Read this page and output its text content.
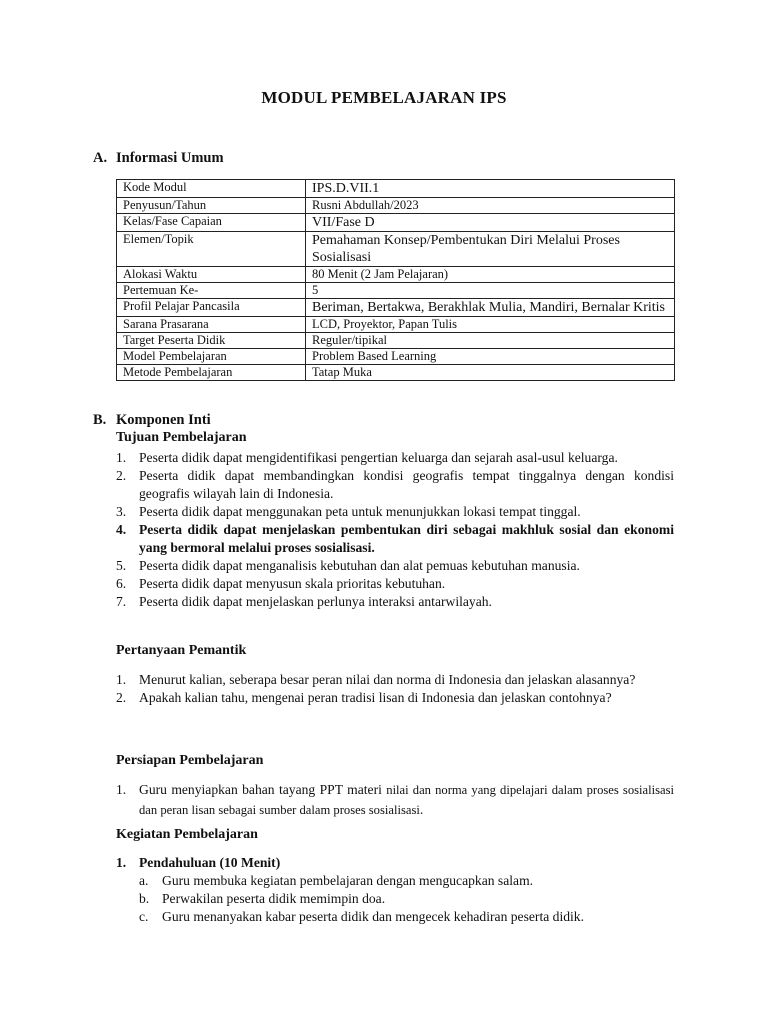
MODUL PEMBELAJARAN IPS
A. Informasi Umum
Kode Modul	IPS.D.VII.1
Penyusun/Tahun	Rusni Abdullah/2023
Kelas/Fase Capaian	VII/Fase D
Elemen/Topik	Pemahaman Konsep/Pembentukan Diri Melalui Proses Sosialisasi
Alokasi Waktu	80 Menit (2 Jam Pelajaran)
Pertemuan Ke-	5
Profil Pelajar Pancasila	Beriman, Bertakwa, Berakhlak Mulia, Mandiri, Bernalar Kritis
Sarana Prasarana	LCD, Proyektor, Papan Tulis
Target Peserta Didik	Reguler/tipikal
Model Pembelajaran	Problem Based Learning
Metode Pembelajaran	Tatap Muka
B. Komponen Inti
Tujuan Pembelajaran
1. Peserta didik dapat mengidentifikasi pengertian keluarga dan sejarah asal-usul keluarga.
2. Peserta didik dapat membandingkan kondisi geografis tempat tinggalnya dengan kondisi geografis wilayah lain di Indonesia.
3. Peserta didik dapat menggunakan peta untuk menunjukkan lokasi tempat tinggal.
4. Peserta didik dapat menjelaskan pembentukan diri sebagai makhluk sosial dan ekonomi yang bermoral melalui proses sosialisasi.
5. Peserta didik dapat menganalisis kebutuhan dan alat pemuas kebutuhan manusia.
6. Peserta didik dapat menyusun skala prioritas kebutuhan.
7. Peserta didik dapat menjelaskan perlunya interaksi antarwilayah.
Pertanyaan Pemantik
1. Menurut kalian, seberapa besar peran nilai dan norma di Indonesia dan jelaskan alasannya?
2. Apakah kalian tahu, mengenai peran tradisi lisan di Indonesia dan jelaskan contohnya?
Persiapan Pembelajaran
1. Guru menyiapkan bahan tayang PPT materi nilai dan norma yang dipelajari dalam proses sosialisasi dan peran lisan sebagai sumber dalam proses sosialisasi.
Kegiatan Pembelajaran
1. Pendahuluan (10 Menit)
a. Guru membuka kegiatan pembelajaran dengan mengucapkan salam.
b. Perwakilan peserta didik memimpin doa.
c. Guru menanyakan kabar peserta didik dan mengecek kehadiran peserta didik.
